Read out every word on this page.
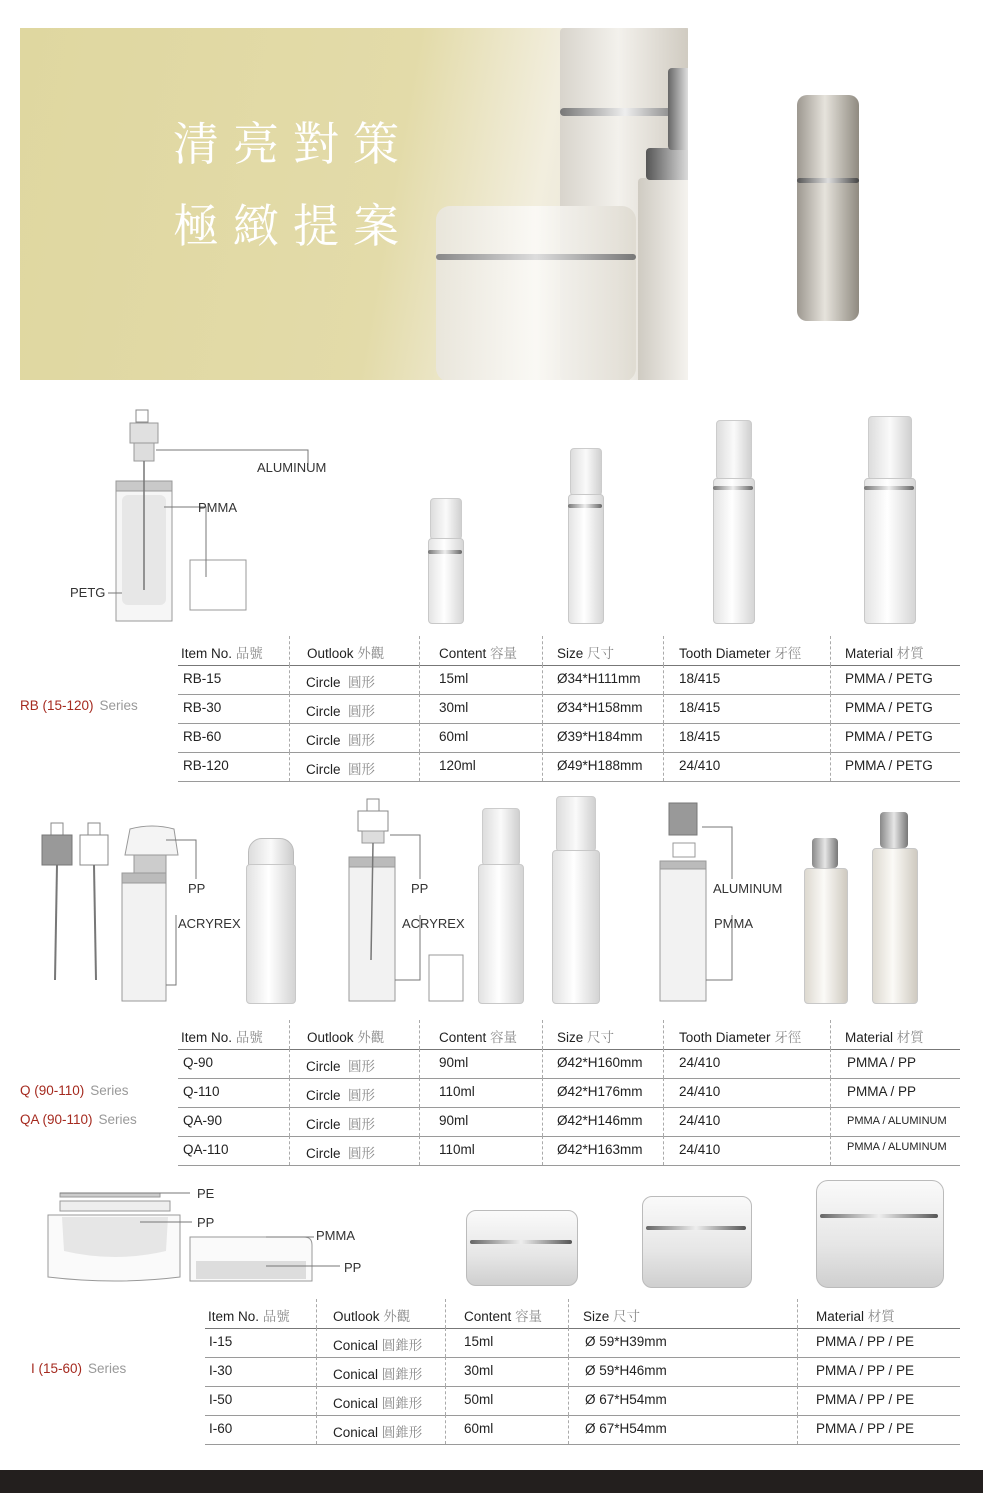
清亮對策
極緻提案
ALUMINUM
PMMA
PETG
RB (15-120) Series
Item No. 品號	Outlook 外觀	Content 容量	Size 尺寸	Tooth Diameter 牙徑	Material 材質
RB-15	Circle 圓形	15ml	Ø34*H111mm	18/415	PMMA / PETG
RB-30	Circle 圓形	30ml	Ø34*H158mm	18/415	PMMA / PETG
RB-60	Circle 圓形	60ml	Ø39*H184mm	18/415	PMMA / PETG
RB-120	Circle 圓形	120ml	Ø49*H188mm	24/410	PMMA / PETG
PP
ACRYREX
PP
ACRYREX
ALUMINUM
PMMA
Q (90-110) Series
QA (90-110) Series
Item No. 品號	Outlook 外觀	Content 容量	Size 尺寸	Tooth Diameter 牙徑	Material 材質
Q-90	Circle 圓形	90ml	Ø42*H160mm	24/410	PMMA / PP
Q-110	Circle 圓形	110ml	Ø42*H176mm	24/410	PMMA / PP
QA-90	Circle 圓形	90ml	Ø42*H146mm	24/410	PMMA / ALUMINUM
QA-110	Circle 圓形	110ml	Ø42*H163mm	24/410	PMMA / ALUMINUM
PE
PP
PMMA
PP
I (15-60) Series
Item No. 品號	Outlook 外觀	Content 容量	Size 尺寸	Material 材質
I-15	Conical 圓錐形	15ml	Ø 59*H39mm	PMMA / PP / PE
I-30	Conical 圓錐形	30ml	Ø 59*H46mm	PMMA / PP / PE
I-50	Conical 圓錐形	50ml	Ø 67*H54mm	PMMA / PP / PE
I-60	Conical 圓錐形	60ml	Ø 67*H54mm	PMMA / PP / PE
